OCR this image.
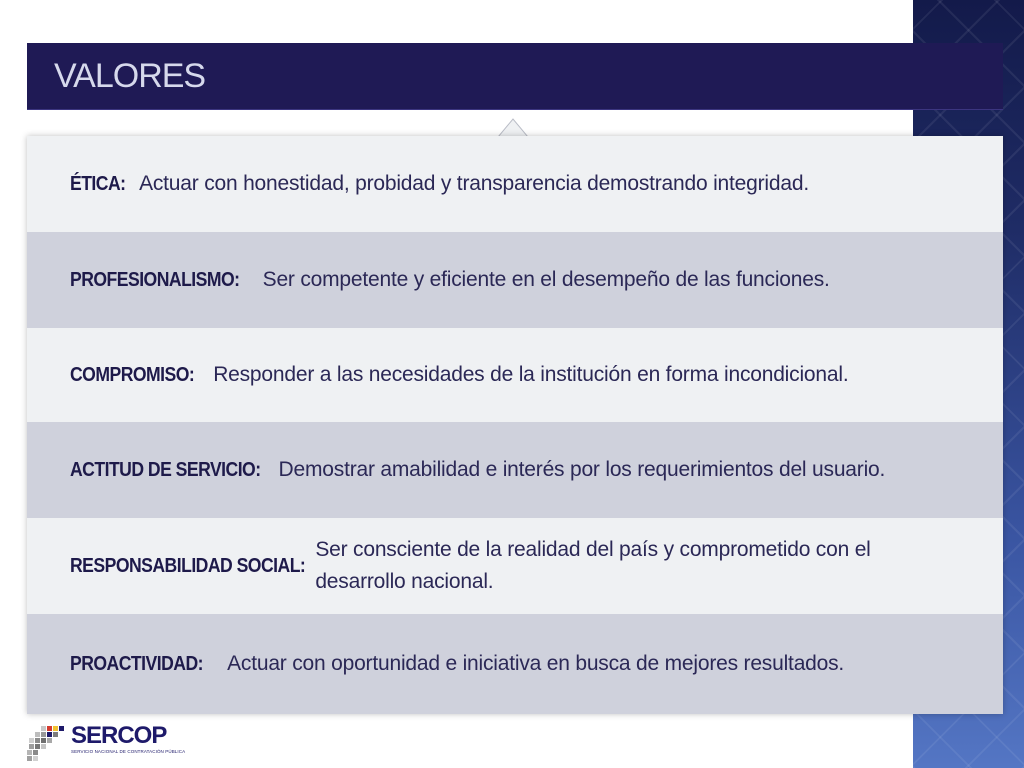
VALORES
ÉTICA: Actuar con honestidad, probidad y transparencia demostrando integridad.
PROFESIONALISMO: Ser competente y eficiente en el desempeño de las funciones.
COMPROMISO: Responder a las necesidades de la institución en forma incondicional.
ACTITUD DE SERVICIO: Demostrar amabilidad e interés por los requerimientos del usuario.
RESPONSABILIDAD SOCIAL:
Ser consciente de la realidad del país y comprometido con el desarrollo nacional.
PROACTIVIDAD: Actuar con oportunidad e iniciativa en busca de mejores resultados.
SERCOP
SERVICIO NACIONAL DE CONTRATACIÓN PÚBLICA
